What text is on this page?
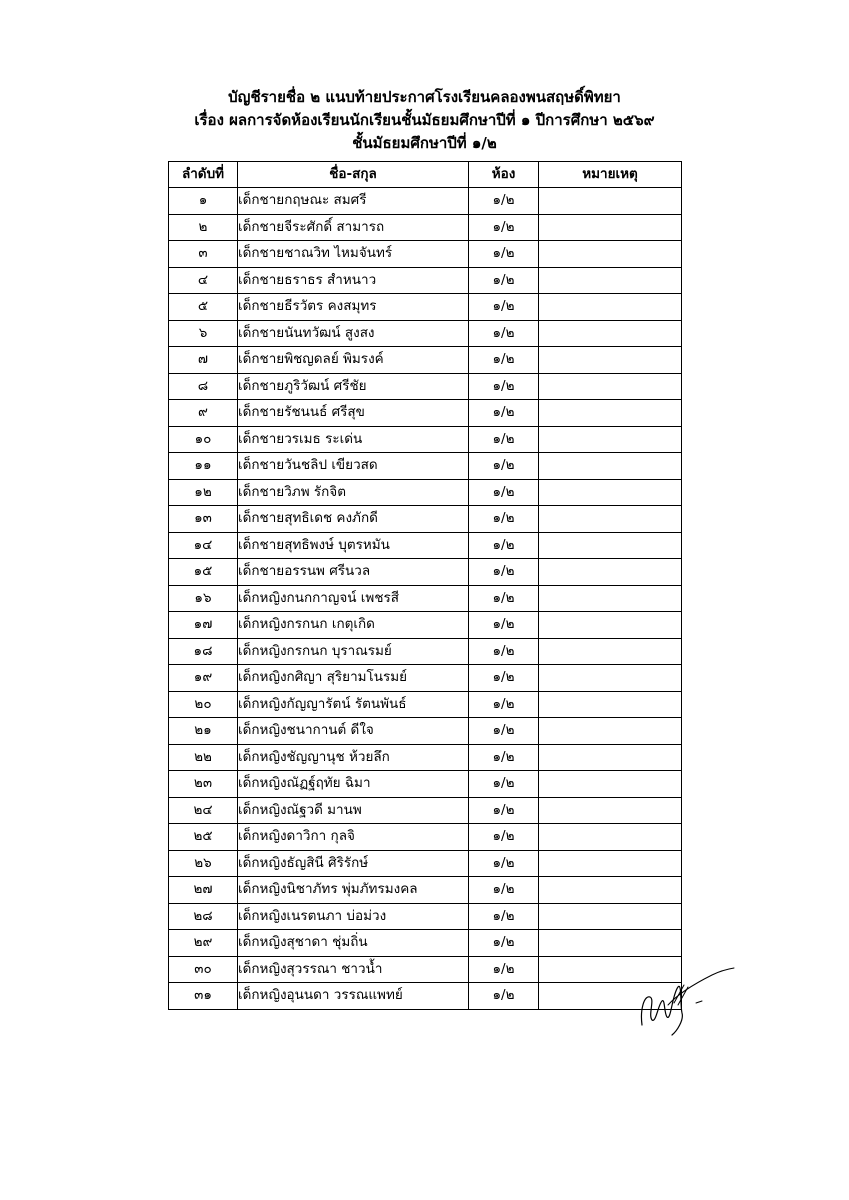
บัญชีรายชื่อ ๒ แนบท้ายประกาศโรงเรียนคลองพนสฤษดิ์พิทยา
เรื่อง ผลการจัดห้องเรียนนักเรียนชั้นมัธยมศึกษาปีที่ ๑ ปีการศึกษา ๒๕๖๙
ชั้นมัธยมศึกษาปีที่ ๑/๒
ลำดับที่	ชื่อ-สกุล	ห้อง	หมายเหตุ
๑	เด็กชายกฤษณะ สมศรี	๑/๒	
๒	เด็กชายจีระศักดิ์ สามารถ	๑/๒	
๓	เด็กชายชาณวิท ไหมจันทร์	๑/๒	
๔	เด็กชายธราธร สำหนาว	๑/๒	
๕	เด็กชายธีรวัตร คงสมุทร	๑/๒	
๖	เด็กชายนันทวัฒน์ สูงสง	๑/๒	
๗	เด็กชายพิชญดลย์ พิมรงค์	๑/๒	
๘	เด็กชายภูริวัฒน์ ศรีชัย	๑/๒	
๙	เด็กชายรัชนนธ์ ศรีสุข	๑/๒	
๑๐	เด็กชายวรเมธ ระเด่น	๑/๒	
๑๑	เด็กชายวันชลิป เขียวสด	๑/๒	
๑๒	เด็กชายวิภพ รักจิต	๑/๒	
๑๓	เด็กชายสุทธิเดช คงภักดี	๑/๒	
๑๔	เด็กชายสุทธิพงษ์ บุตรหมัน	๑/๒	
๑๕	เด็กชายอรรนพ ศรีนวล	๑/๒	
๑๖	เด็กหญิงกนกกาญจน์ เพชรสี	๑/๒	
๑๗	เด็กหญิงกรกนก เกตุเกิด	๑/๒	
๑๘	เด็กหญิงกรกนก บุราณรมย์	๑/๒	
๑๙	เด็กหญิงกศิญา สุริยามโนรมย์	๑/๒	
๒๐	เด็กหญิงกัญญารัตน์ รัตนพันธ์	๑/๒	
๒๑	เด็กหญิงชนากานต์ ดีใจ	๑/๒	
๒๒	เด็กหญิงชัญญานุช ห้วยลึก	๑/๒	
๒๓	เด็กหญิงณัฏฐ์ฤทัย ฉิมา	๑/๒	
๒๔	เด็กหญิงณัฐวดี มานพ	๑/๒	
๒๕	เด็กหญิงดาวิกา กุลจิ	๑/๒	
๒๖	เด็กหญิงธัญสินี ศิริรักษ์	๑/๒	
๒๗	เด็กหญิงนิชาภัทร พุ่มภัทรมงคล	๑/๒	
๒๘	เด็กหญิงเนรตนภา บ่อม่วง	๑/๒	
๒๙	เด็กหญิงสุชาดา ชุ่มถิ่น	๑/๒	
๓๐	เด็กหญิงสุวรรณา ชาวน้ำ	๑/๒	
๓๑	เด็กหญิงอุนนดา วรรณแพทย์	๑/๒	
